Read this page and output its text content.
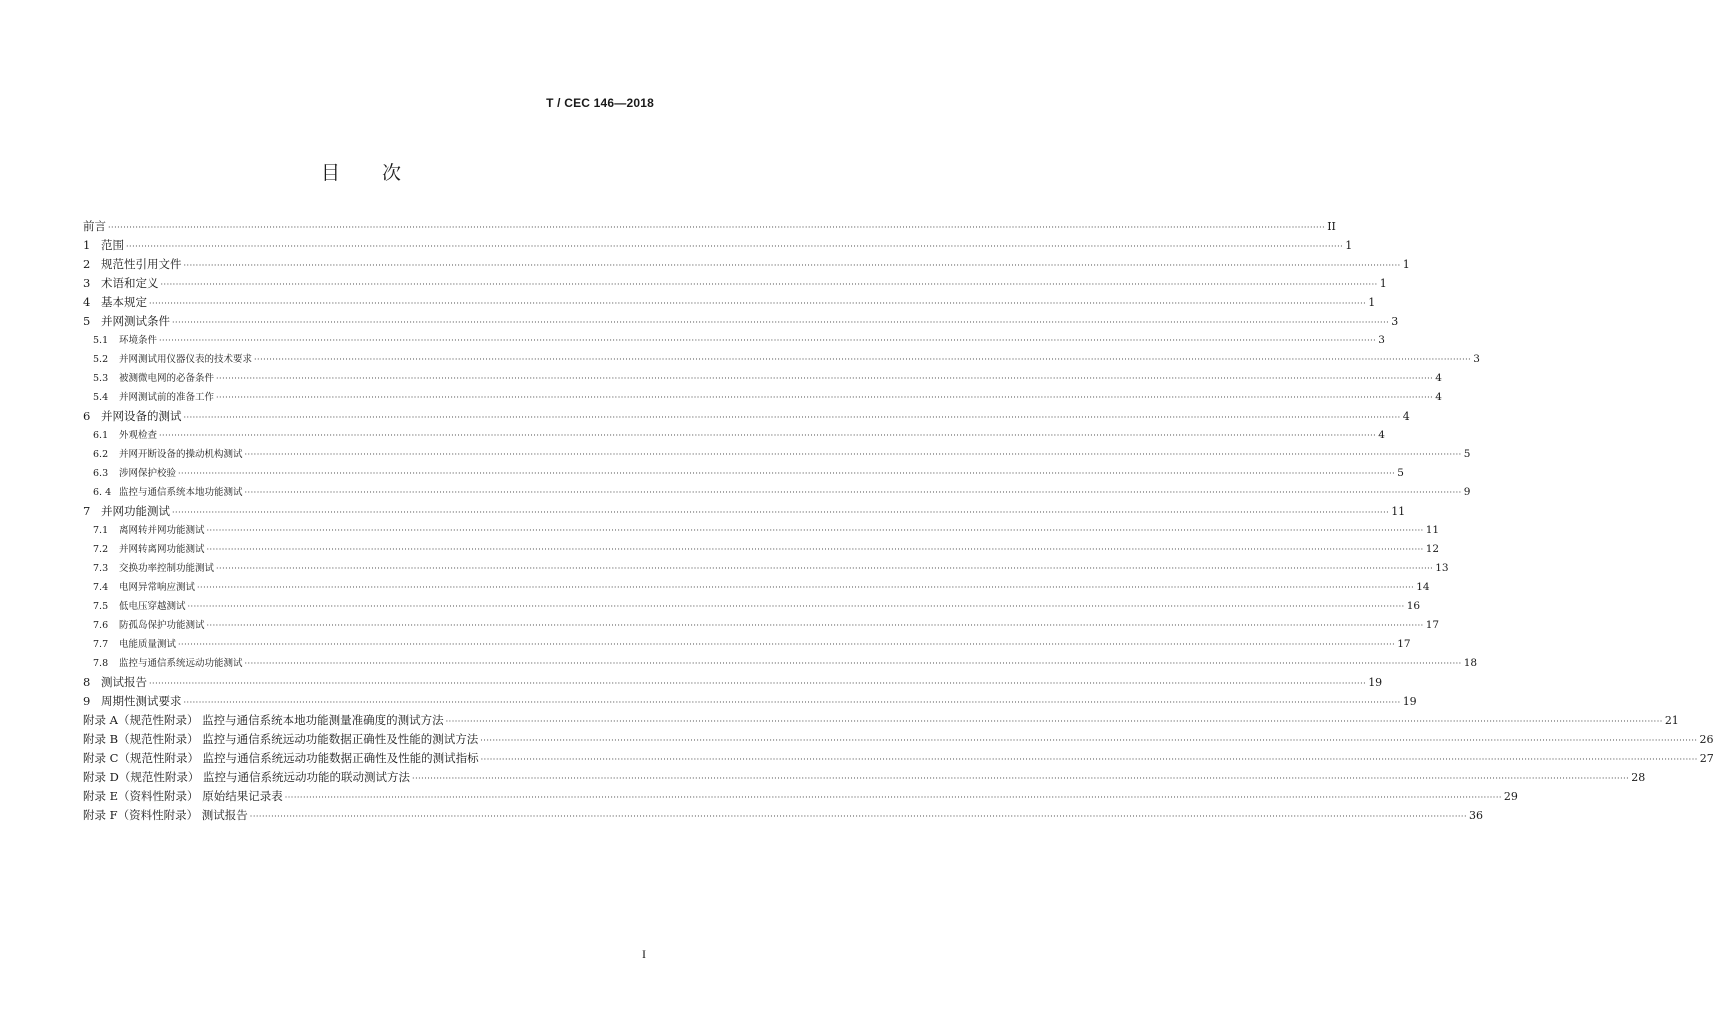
T / CEC 146—2018
目 次
前言 ················································································································································································································································································································································································································ II
1 范围 ················································································································································································································································································································································································································ 1
2 规范性引用文件 ················································································································································································································································································································································································································ 1
3 术语和定义 ················································································································································································································································································································································································································ 1
4 基本规定 ················································································································································································································································································································································································································ 1
5 并网测试条件 ················································································································································································································································································································································································································ 3
5.1	环境条件 ················································································································································································································································································································································································································ 3
5.2	并网测试用仪器仪表的技术要求 ················································································································································································································································································································································································································ 3
5.3	被测微电网的必备条件 ················································································································································································································································································································································································································ 4
5.4	并网测试前的准备工作 ················································································································································································································································································································································································································ 4
6 并网设备的测试 ················································································································································································································································································································································································································ 4
6.1	外观检查 ················································································································································································································································································································································································································ 4
6.2	并网开断设备的操动机构测试 ················································································································································································································································································································································································································ 5
6.3	涉网保护校验 ················································································································································································································································································································································································································ 5
6. 4 监控与通信系统本地功能测试 ················································································································································································································································································································································································································ 9
7 并网功能测试 ················································································································································································································································································································································································································ 11
7.1	离网转并网功能测试 ················································································································································································································································································································································································································ 11
7.2	并网转离网功能测试 ················································································································································································································································································································································································································ 12
7.3	交换功率控制功能测试 ················································································································································································································································································································································································································ 13
7.4	电网异常响应测试 ················································································································································································································································································································································································································ 14
7.5	低电压穿越测试 ················································································································································································································································································································································································································ 16
7.6	防孤岛保护功能测试 ················································································································································································································································································································································································································ 17
7.7	电能质量测试 ················································································································································································································································································································································································································ 17
7.8	监控与通信系统远动功能测试 ················································································································································································································································································································································································································ 18
8 测试报告 ················································································································································································································································································································································································································ 19
9 周期性测试要求 ················································································································································································································································································································································································································ 19
附录 A（规范性附录） 监控与通信系统本地功能测量准确度的测试方法 ················································································································································································································································································································································································································ 21
附录 B（规范性附录） 监控与通信系统远动功能数据正确性及性能的测试方法 ················································································································································································································································································································································································································ 26
附录 C（规范性附录） 监控与通信系统远动功能数据正确性及性能的测试指标 ················································································································································································································································································································································································································ 27
附录 D（规范性附录） 监控与通信系统远动功能的联动测试方法 ················································································································································································································································································································································································································ 28
附录 E（资料性附录） 原始结果记录表 ················································································································································································································································································································································································································ 29
附录 F（资料性附录） 测试报告 ················································································································································································································································································································································································································ 36
I
